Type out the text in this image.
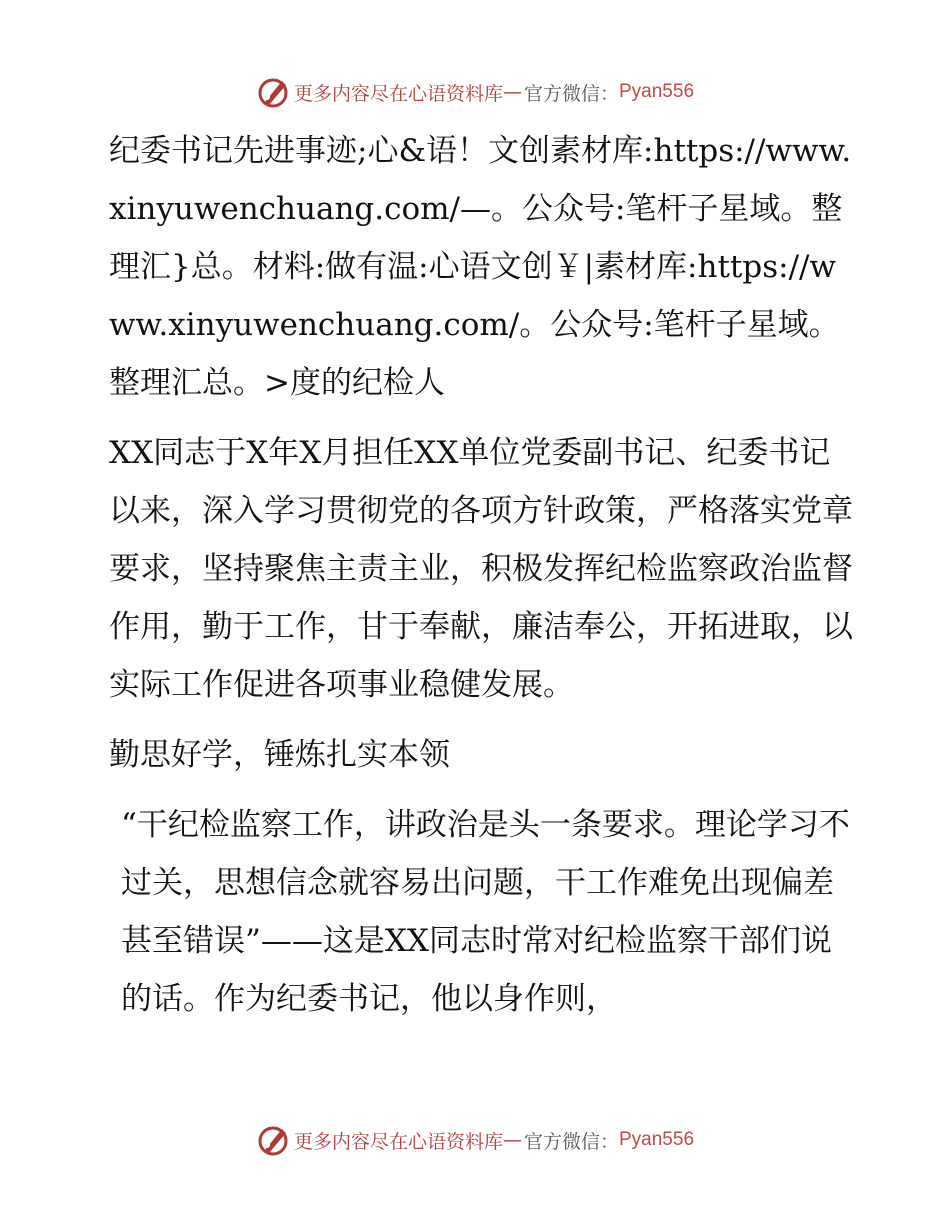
更多内容尽在心语资料库 — 官方微信： Pyan556

纪委书记先进事迹;心&语！文创素材库:https://www.xinyuwenchuang.com/—。公众号:笔杆子星域。整理汇}总。材料:做有温:心语文创￥|素材库:https://www.xinyuwenchuang.com/。公众号:笔杆子星域。整理汇总。>度的纪检人

XX同志于X年X月担任XX单位党委副书记、纪委书记以来，深入学习贯彻党的各项方针政策，严格落实党章要求，坚持聚焦主责主业，积极发挥纪检监察政治监督作用，勤于工作，甘于奉献，廉洁奉公，开拓进取，以实际工作促进各项事业稳健发展。

勤思好学，锤炼扎实本领

“干纪检监察工作，讲政治是头一条要求。理论学习不过关，思想信念就容易出问题，干工作难免出现偏差甚至错误”——这是XX同志时常对纪检监察干部们说的话。作为纪委书记，他以身作则，

更多内容尽在心语资料库 — 官方微信： Pyan556
